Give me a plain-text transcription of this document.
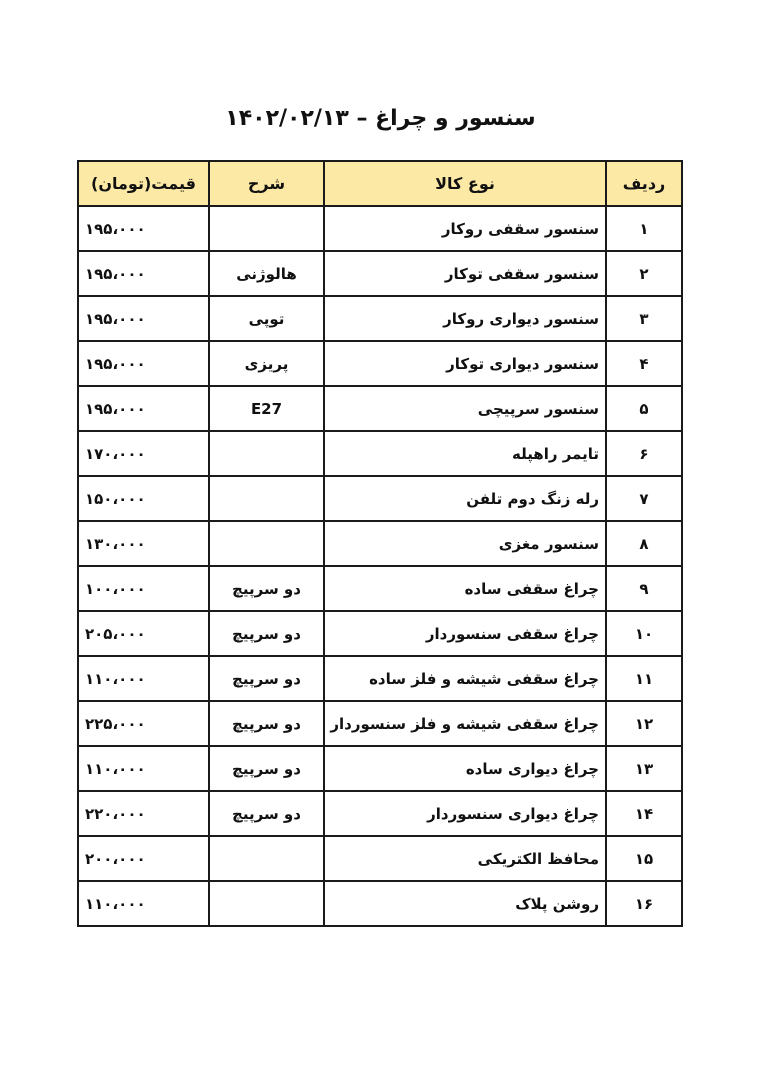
سنسور و چراغ – ۱۴۰۲/۰۲/۱۳
ردیف	نوع کالا	شرح	قیمت(تومان)
۱	سنسور سقفی روکار		۱۹۵،۰۰۰
۲	سنسور سقفی توکار	هالوژنی	۱۹۵،۰۰۰
۳	سنسور دیواری روکار	توپی	۱۹۵،۰۰۰
۴	سنسور دیواری توکار	پریزی	۱۹۵،۰۰۰
۵	سنسور سرپیچی	E27	۱۹۵،۰۰۰
۶	تایمر راهپله		۱۷۰،۰۰۰
۷	رله زنگ دوم تلفن		۱۵۰،۰۰۰
۸	سنسور مغزی		۱۳۰،۰۰۰
۹	چراغ سقفی ساده	دو سرپیچ	۱۰۰،۰۰۰
۱۰	چراغ سقفی سنسوردار	دو سرپیچ	۲۰۵،۰۰۰
۱۱	چراغ سقفی شیشه و فلز ساده	دو سرپیچ	۱۱۰،۰۰۰
۱۲	چراغ سقفی شیشه و فلز سنسوردار	دو سرپیچ	۲۲۵،۰۰۰
۱۳	چراغ دیواری ساده	دو سرپیچ	۱۱۰،۰۰۰
۱۴	چراغ دیواری سنسوردار	دو سرپیچ	۲۲۰،۰۰۰
۱۵	محافظ الکتریکی		۲۰۰،۰۰۰
۱۶	روشن پلاک		۱۱۰،۰۰۰
